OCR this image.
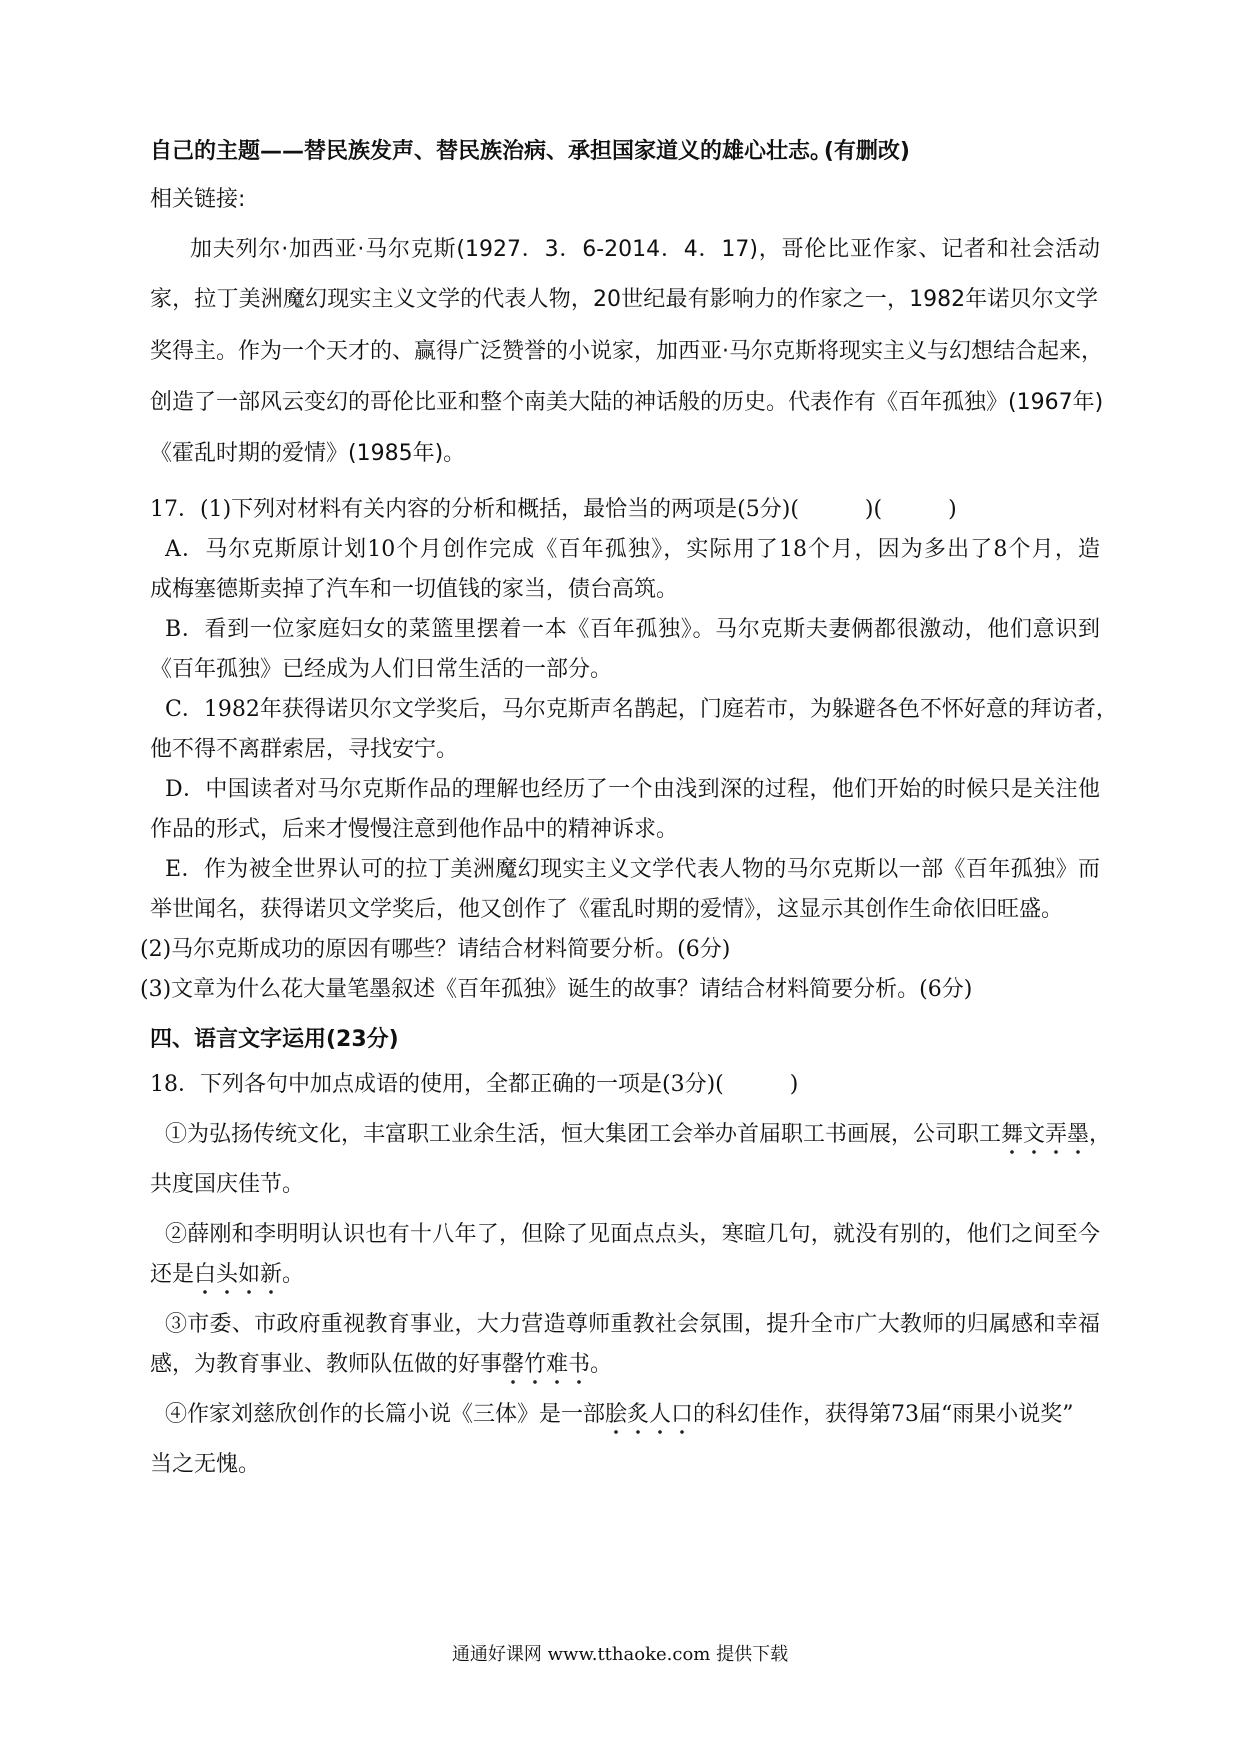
自己的主题——替民族发声、替民族治病、承担国家道义的雄心壮志。
(有删改)
相关链接:
加夫列尔·加西亚·马尔克斯(1927．3．6-2014．4．17)，哥伦比亚作家、记者和社会活动
家，拉丁美洲魔幻现实主义文学的代表人物，20世纪最有影响力的作家之一，1982年诺贝尔文学
奖得主。作为一个天才的、赢得广泛赞誉的小说家，加西亚·马尔克斯将现实主义与幻想结合起来，
创造了一部风云变幻的哥伦比亚和整个南美大陆的神话般的历史。代表作有《百年孤独》(1967年)
《霍乱时期的爱情》(1985年)。
17．(1)下列对材料有关内容的分析和概括，最恰当的两项是(5分)(　　　)(　　　)
A．马尔克斯原计划10个月创作完成《百年孤独》，实际用了18个月，因为多出了8个月，造
成梅塞德斯卖掉了汽车和一切值钱的家当，债台高筑。
B．看到一位家庭妇女的菜篮里摆着一本《百年孤独》。马尔克斯夫妻俩都很激动，他们意识到
《百年孤独》已经成为人们日常生活的一部分。
C．1982年获得诺贝尔文学奖后，马尔克斯声名鹊起，门庭若市，为躲避各色不怀好意的拜访者，
他不得不离群索居，寻找安宁。
D．中国读者对马尔克斯作品的理解也经历了一个由浅到深的过程，他们开始的时候只是关注他
作品的形式，后来才慢慢注意到他作品中的精神诉求。
E．作为被全世界认可的拉丁美洲魔幻现实主义文学代表人物的马尔克斯以一部《百年孤独》而
举世闻名，获得诺贝文学奖后，他又创作了《霍乱时期的爱情》，这显示其创作生命依旧旺盛。
(2)马尔克斯成功的原因有哪些？请结合材料简要分析。(6分)
(3)文章为什么花大量笔墨叙述《百年孤独》诞生的故事？请结合材料简要分析。(6分)
四、语言文字运用(23分)
18．下列各句中加点成语的使用，全都正确的一项是(3分)(　　　)
①为弘扬传统文化，丰富职工业余生活，恒大集团工会举办首届职工书画展，公司职工舞文弄墨，
共度国庆佳节。
②薛刚和李明明认识也有十八年了，但除了见面点点头，寒暄几句，就没有别的，他们之间至今
还是白头如新。
③市委、市政府重视教育事业，大力营造尊师重教社会氛围，提升全市广大教师的归属感和幸福
感，为教育事业、教师队伍做的好事罄竹难书。
④作家刘慈欣创作的长篇小说《三体》是一部脍炙人口的科幻佳作，获得第73届“雨果小说奖”
当之无愧。
通通好课网 www.tthaoke.com 提供下载
